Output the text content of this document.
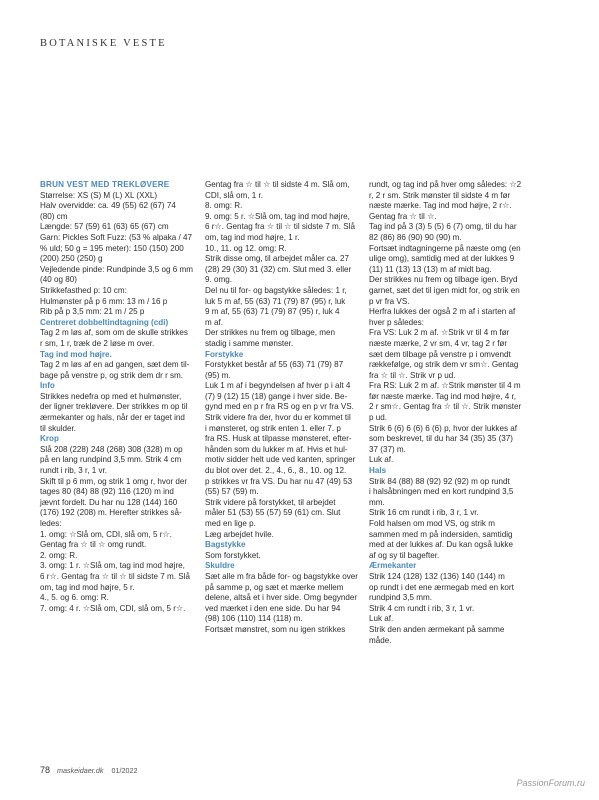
BOTANISKE VESTE

BRUN VEST MED TREKLØVERE

Størrelse: XS (S) M (L) XL (XXL)
Halv overvidde: ca. 49 (55) 62 (67) 74
(80) cm
Længde: 57 (59) 61 (63) 65 (67) cm
Garn: Pickles Soft Fuzz: (53 % alpaka / 47
% uld; 50 g = 195 meter): 150 (150) 200
(200) 250 (250) g
Vejledende pinde: Rundpinde 3,5 og 6 mm
(40 og 80)
Strikkefasthed p: 10 cm:
Hulmønster på p 6 mm: 13 m / 16 p
Rib på p 3,5 mm: 21 m / 25 p

Centreret dobbeltindtagning (cdi)

Tag 2 m løs af, som om de skulle strikkes
r sm, 1 r, træk de 2 løse m over.

Tag ind mod højre.

Tag 2 m løs af en ad gangen, sæt dem til-
bage på venstre p, og strik dem dr r sm.

Info

Strikkes nedefra op med et hulmønster,
der ligner trekløvere. Der strikkes m op til
ærmekanter og hals, når der er taget ind
til skulder.

Krop

Slå 208 (228) 248 (268) 308 (328) m op
på en lang rundpind 3,5 mm. Strik 4 cm
rundt i rib, 3 r, 1 vr.
Skift til p 6 mm, og strik 1 omg r, hvor der
tages 80 (84) 88 (92) 116 (120) m ind
jævnt fordelt. Du har nu 128 (144) 160
(176) 192 (208) m. Herefter strikkes så-
ledes:
1. omg: ☆Slå om, CDI, slå om, 5 r☆.
Gentag fra ☆ til ☆ omg rundt.
2. omg: R.
3. omg: 1 r. ☆Slå om, tag ind mod højre,
6 r☆. Gentag fra ☆ til ☆ til sidste 7 m. Slå
om, tag ind mod højre, 5 r.
4., 5. og 6. omg: R.
7. omg: 4 r. ☆Slå om, CDI, slå om, 5 r☆.

Gentag fra ☆ til ☆ til sidste 4 m. Slå om,
CDI, slå om, 1 r.
8. omg: R.
9. omg: 5 r. ☆Slå om, tag ind mod højre,
6 r☆. Gentag fra ☆ til ☆ til sidste 7 m. Slå
om, tag ind mod højre, 1 r.
10., 11. og 12. omg: R.
Strik disse omg, til arbejdet måler ca. 27
(28) 29 (30) 31 (32) cm. Slut med 3. eller
9. omg.
Del nu til for- og bagstykke således: 1 r,
luk 5 m af, 55 (63) 71 (79) 87 (95) r, luk
9 m af, 55 (63) 71 (79) 87 (95) r, luk 4
m af.
Der strikkes nu frem og tilbage, men
stadig i samme mønster.

Forstykke

Forstykket består af 55 (63) 71 (79) 87
(95) m.
Luk 1 m af i begyndelsen af hver p i alt 4
(7) 9 (12) 15 (18) gange i hver side. Be-
gynd med en p r fra RS og en p vr fra VS.
Strik videre fra der, hvor du er kommet til
i mønsteret, og strik enten 1. eller 7. p
fra RS. Husk at tilpasse mønsteret, efter-
hånden som du lukker m af. Hvis et hul-
motiv sidder helt ude ved kanten, springer
du blot over det. 2., 4., 6., 8., 10. og 12.
p strikkes vr fra VS. Du har nu 47 (49) 53
(55) 57 (59) m.
Strik videre på forstykket, til arbejdet
måler 51 (53) 55 (57) 59 (61) cm. Slut
med en lige p.
Læg arbejdet hvile.

Bagstykke

Som forstykket.

Skuldre

Sæt alle m fra både for- og bagstykke over
på samme p, og sæt et mærke mellem
delene, altså et i hver side. Omg begynder
ved mærket i den ene side. Du har 94
(98) 106 (110) 114 (118) m.
Fortsæt mønstret, som nu igen strikkes

rundt, og tag ind på hver omg således: ☆2
r, 2 r sm. Strik mønster til sidste 4 m før
næste mærke. Tag ind mod højre, 2 r☆.
Gentag fra ☆ til ☆.
Tag ind på 3 (3) 5 (5) 6 (7) omg, til du har
82 (86) 86 (90) 90 (90) m.
Fortsæt indtagningerne på næste omg (en
ulige omg), samtidig med at der lukkes 9
(11) 11 (13) 13 (13) m af midt bag.
Der strikkes nu frem og tilbage igen. Bryd
garnet, sæt det til igen midt for, og strik en
p vr fra VS.
Herfra lukkes der også 2 m af i starten af
hver p således:
Fra VS: Luk 2 m af. ☆Strik vr til 4 m før
næste mærke, 2 vr sm, 4 vr, tag 2 r før
sæt dem tilbage på venstre p i omvendt
rækkefølge, og strik dem vr sm☆. Gentag
fra ☆ til ☆. Strik vr p ud.
Fra RS: Luk 2 m af. ☆Strik mønster til 4 m
før næste mærke. Tag ind mod højre, 4 r,
2 r sm☆. Gentag fra ☆ til ☆. Strik mønster
p ud.
Strik 6 (6) 6 (6) 6 (6) p, hvor der lukkes af
som beskrevet, til du har 34 (35) 35 (37)
37 (37) m.
Luk af.

Hals

Strik 84 (88) 88 (92) 92 (92) m op rundt
i halsåbningen med en kort rundpind 3,5
mm.
Strik 16 cm rundt i rib, 3 r, 1 vr.
Fold halsen om mod VS, og strik m
sammen med m på indersiden, samtidig
med at der lukkes af. Du kan også lukke
af og sy til bagefter.

Ærmekanter

Strik 124 (128) 132 (136) 140 (144) m
op rundt i det ene ærmegab med en kort
rundpind 3,5 mm.
Strik 4 cm rundt i rib, 3 r, 1 vr.
Luk af.
Strik den anden ærmekant på samme
måde.

78 maskeidaer.dk 01/2022
PassionForum.ru
